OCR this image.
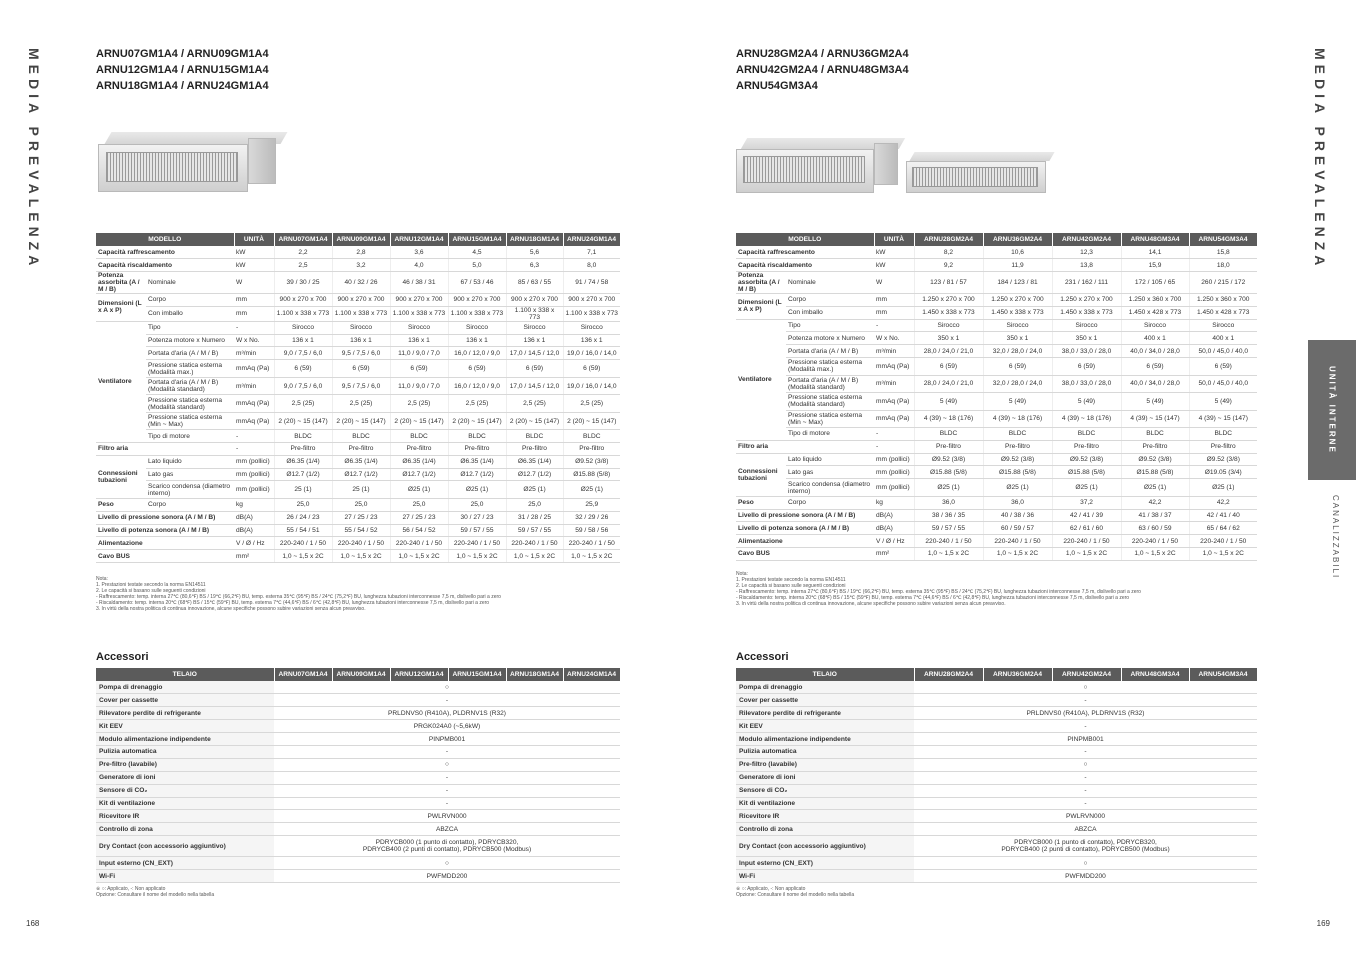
MEDIA PREVALENZA	ARNU07GM1A4 / ARNU09GM1A4
ARNU12GM1A4 / ARNU15GM1A4
ARNU18GM1A4 / ARNU24GM1A4
MODELLO		UNITÀ	ARNU07GM1A4	ARNU09GM1A4	ARNU12GM1A4	ARNU15GM1A4	ARNU18GM1A4	ARNU24GM1A4
Capacità raffrescamento		kW	2,2	2,8	3,6	4,5	5,6	7,1
Capacità riscaldamento		kW	2,5	3,2	4,0	5,0	6,3	8,0
Potenza assorbita (A / M / B)	Nominale	W	39 / 30 / 25	40 / 32 / 26	46 / 38 / 31	67 / 53 / 46	85 / 63 / 55	91 / 74 / 58
Dimensioni (L x A x P)	Corpo	mm	900 x 270 x 700	900 x 270 x 700	900 x 270 x 700	900 x 270 x 700	900 x 270 x 700	900 x 270 x 700
	Con imballo	mm	1.100 x 338 x 773	1.100 x 338 x 773	1.100 x 338 x 773	1.100 x 338 x 773	1.100 x 338 x 773	1.100 x 338 x 773
Ventilatore	Tipo	-	Sirocco	Sirocco	Sirocco	Sirocco	Sirocco	Sirocco
	Potenza motore x Numero	W x No.	136 x 1	136 x 1	136 x 1	136 x 1	136 x 1	136 x 1
	Portata d'aria (A / M / B)	m³/min	9,0 / 7,5 / 6,0	9,5 / 7,5 / 6,0	11,0 / 9,0 / 7,0	16,0 / 12,0 / 9,0	17,0 / 14,5 / 12,0	19,0 / 16,0 / 14,0
	Pressione statica esterna (Modalità max.)	mmAq (Pa)	6 (59)	6 (59)	6 (59)	6 (59)	6 (59)	6 (59)
	Portata d'aria (A / M / B) (Modalità standard)	m³/min	9,0 / 7,5 / 6,0	9,5 / 7,5 / 6,0	11,0 / 9,0 / 7,0	16,0 / 12,0 / 9,0	17,0 / 14,5 / 12,0	19,0 / 16,0 / 14,0
	Pressione statica esterna (Modalità standard)	mmAq (Pa)	2,5 (25)	2,5 (25)	2,5 (25)	2,5 (25)	2,5 (25)	2,5 (25)
	Pressione statica esterna (Min ~ Max)	mmAq (Pa)	2 (20) ~ 15 (147)	2 (20) ~ 15 (147)	2 (20) ~ 15 (147)	2 (20) ~ 15 (147)	2 (20) ~ 15 (147)	2 (20) ~ 15 (147)
	Tipo di motore	-	BLDC	BLDC	BLDC	BLDC	BLDC	BLDC
Filtro aria		-	Pre-filtro	Pre-filtro	Pre-filtro	Pre-filtro	Pre-filtro	Pre-filtro
Connessioni tubazioni	Lato liquido	mm (pollici)	Ø6.35 (1/4)	Ø6.35 (1/4)	Ø6.35 (1/4)	Ø6.35 (1/4)	Ø6.35 (1/4)	Ø9.52 (3/8)
	Lato gas	mm (pollici)	Ø12.7 (1/2)	Ø12.7 (1/2)	Ø12.7 (1/2)	Ø12.7 (1/2)	Ø12.7 (1/2)	Ø15.88 (5/8)
	Scarico condensa (diametro interno)	mm (pollici)	25 (1)	25 (1)	Ø25 (1)	Ø25 (1)	Ø25 (1)	Ø25 (1)
Peso	Corpo	kg	25,0	25,0	25,0	25,0	25,0	25,9
Livello di pressione sonora (A / M / B)		dB(A)	26 / 24 / 23	27 / 25 / 23	27 / 25 / 23	30 / 27 / 23	31 / 28 / 25	32 / 29 / 26
Livello di potenza sonora (A / M / B)		dB(A)	55 / 54 / 51	55 / 54 / 52	56 / 54 / 52	59 / 57 / 55	59 / 57 / 55	59 / 58 / 56
Alimentazione		V / Ø / Hz	220-240 / 1 / 50	220-240 / 1 / 50	220-240 / 1 / 50	220-240 / 1 / 50	220-240 / 1 / 50	220-240 / 1 / 50
Cavo BUS		mm²	1,0 ~ 1,5 x 2C	1,0 ~ 1,5 x 2C	1,0 ~ 1,5 x 2C	1,0 ~ 1,5 x 2C	1,0 ~ 1,5 x 2C	1,0 ~ 1,5 x 2C
Nota:
1. Prestazioni testate secondo la norma EN14511
2. Le capacità si basano sulle seguenti condizioni
- Raffrescamento: temp. interna 27℃ (80,6℉) BS / 19℃ (66,2℉) BU, temp. esterna 35℃ (95℉) BS / 24℃ (75,2℉) BU, lunghezza tubazioni interconnesse 7,5 m, dislivello pari a zero
- Riscaldamento: temp. interna 20℃ (68℉) BS / 15℃ (59℉) BU, temp. esterna 7℃ (44,6℉) BS / 6℃ (42,8℉) BU, lunghezza tubazioni interconnesse 7,5 m, dislivello pari a zero
3. In virtù della nostra politica di continua innovazione, alcune specifiche possono subire variazioni senza alcun preavviso.
Accessori
TELAIO	ARNU07GM1A4	ARNU09GM1A4	ARNU12GM1A4	ARNU15GM1A4	ARNU18GM1A4	ARNU24GM1A4
Pompa di drenaggio	○					
Cover per cassette	-					
Rilevatore perdite di refrigerante	PRLDNVS0 (R410A), PLDRNV1S (R32)					
Kit EEV	PRGK024A0 (~5,6kW)					
Modulo alimentazione indipendente	PINPMB001					
Pulizia automatica	-					
Pre-filtro (lavabile)	○					
Generatore di ioni	-					
Sensore di CO₂	-					
Kit di ventilazione	-					
Ricevitore IR	PWLRVN000					
Controllo di zona	ABZCA					
Dry Contact (con accessorio aggiuntivo)	PDRYCB000 (1 punto di contatto), PDRYCB320,
PDRYCB400 (2 punti di contatto), PDRYCB500 (Modbus)					
Input esterno (CN_EXT)	○					
Wi-Fi	PWFMDD200					
※ ○: Applicato, -: Non applicato
Opzione: Consultare il nome del modello nella tabella
168
MEDIA PREVALENZA
UNITÀ INTERNE
CANALIZZABILI
ARNU28GM2A4 / ARNU36GM2A4
ARNU42GM2A4 / ARNU48GM3A4
ARNU54GM3A4
MODELLO		UNITÀ	ARNU28GM2A4	ARNU36GM2A4	ARNU42GM2A4	ARNU48GM3A4	ARNU54GM3A4
Capacità raffrescamento		kW	8,2	10,6	12,3	14,1	15,8
Capacità riscaldamento		kW	9,2	11,9	13,8	15,9	18,0
Potenza assorbita (A / M / B)	Nominale	W	123 / 81 / 57	184 / 123 / 81	231 / 162 / 111	172 / 105 / 65	260 / 215 / 172
Dimensioni (L x A x P)	Corpo	mm	1.250 x 270 x 700	1.250 x 270 x 700	1.250 x 270 x 700	1.250 x 360 x 700	1.250 x 360 x 700
	Con imballo	mm	1.450 x 338 x 773	1.450 x 338 x 773	1.450 x 338 x 773	1.450 x 428 x 773	1.450 x 428 x 773
Ventilatore	Tipo	-	Sirocco	Sirocco	Sirocco	Sirocco	Sirocco
	Potenza motore x Numero	W x No.	350 x 1	350 x 1	350 x 1	400 x 1	400 x 1
	Portata d'aria (A / M / B)	m³/min	28,0 / 24,0 / 21,0	32,0 / 28,0 / 24,0	38,0 / 33,0 / 28,0	40,0 / 34,0 / 28,0	50,0 / 45,0 / 40,0
	Pressione statica esterna (Modalità max.)	mmAq (Pa)	6 (59)	6 (59)	6 (59)	6 (59)	6 (59)
	Portata d'aria (A / M / B) (Modalità standard)	m³/min	28,0 / 24,0 / 21,0	32,0 / 28,0 / 24,0	38,0 / 33,0 / 28,0	40,0 / 34,0 / 28,0	50,0 / 45,0 / 40,0
	Pressione statica esterna (Modalità standard)	mmAq (Pa)	5 (49)	5 (49)	5 (49)	5 (49)	5 (49)
	Pressione statica esterna (Min ~ Max)	mmAq (Pa)	4 (39) ~ 18 (176)	4 (39) ~ 18 (176)	4 (39) ~ 18 (176)	4 (39) ~ 15 (147)	4 (39) ~ 15 (147)
	Tipo di motore	-	BLDC	BLDC	BLDC	BLDC	BLDC
Filtro aria		-	Pre-filtro	Pre-filtro	Pre-filtro	Pre-filtro	Pre-filtro
Connessioni tubazioni	Lato liquido	mm (pollici)	Ø9.52 (3/8)	Ø9.52 (3/8)	Ø9.52 (3/8)	Ø9.52 (3/8)	Ø9.52 (3/8)
	Lato gas	mm (pollici)	Ø15.88 (5/8)	Ø15.88 (5/8)	Ø15.88 (5/8)	Ø15.88 (5/8)	Ø19.05 (3/4)
	Scarico condensa (diametro interno)	mm (pollici)	Ø25 (1)	Ø25 (1)	Ø25 (1)	Ø25 (1)	Ø25 (1)
Peso	Corpo	kg	36,0	36,0	37,2	42,2	42,2
Livello di pressione sonora (A / M / B)		dB(A)	38 / 36 / 35	40 / 38 / 36	42 / 41 / 39	41 / 38 / 37	42 / 41 / 40
Livello di potenza sonora (A / M / B)		dB(A)	59 / 57 / 55	60 / 59 / 57	62 / 61 / 60	63 / 60 / 59	65 / 64 / 62
Alimentazione		V / Ø / Hz	220-240 / 1 / 50	220-240 / 1 / 50	220-240 / 1 / 50	220-240 / 1 / 50	220-240 / 1 / 50
Cavo BUS		mm²	1,0 ~ 1,5 x 2C	1,0 ~ 1,5 x 2C	1,0 ~ 1,5 x 2C	1,0 ~ 1,5 x 2C	1,0 ~ 1,5 x 2C
Nota:
1. Prestazioni testate secondo la norma EN14511
2. Le capacità si basano sulle seguenti condizioni
- Raffrescamento: temp. interna 27℃ (80,6℉) BS / 19℃ (66,2℉) BU, temp. esterna 35℃ (95℉) BS / 24℃ (75,2℉) BU, lunghezza tubazioni interconnesse 7,5 m, dislivello pari a zero
- Riscaldamento: temp. interna 20℃ (68℉) BS / 15℃ (59℉) BU, temp. esterna 7℃ (44,6℉) BS / 6℃ (42,8℉) BU, lunghezza tubazioni interconnesse 7,5 m, dislivello pari a zero
3. In virtù della nostra politica di continua innovazione, alcune specifiche possono subire variazioni senza alcun preavviso.
Accessori
TELAIO	ARNU28GM2A4	ARNU36GM2A4	ARNU42GM2A4	ARNU48GM3A4	ARNU54GM3A4
Pompa di drenaggio	○				
Cover per cassette	-				
Rilevatore perdite di refrigerante	PRLDNVS0 (R410A), PLDRNV1S (R32)				
Kit EEV	-				
Modulo alimentazione indipendente	PINPMB001				
Pulizia automatica	-				
Pre-filtro (lavabile)	○				
Generatore di ioni	-				
Sensore di CO₂	-				
Kit di ventilazione	-				
Ricevitore IR	PWLRVN000				
Controllo di zona	ABZCA				
Dry Contact (con accessorio aggiuntivo)	PDRYCB000 (1 punto di contatto), PDRYCB320,
PDRYCB400 (2 punti di contatto), PDRYCB500 (Modbus)				
Input esterno (CN_EXT)	○				
Wi-Fi	PWFMDD200				
169
※ ○: Applicato, -: Non applicato
Opzione: Consultare il nome del modello nella tabella
